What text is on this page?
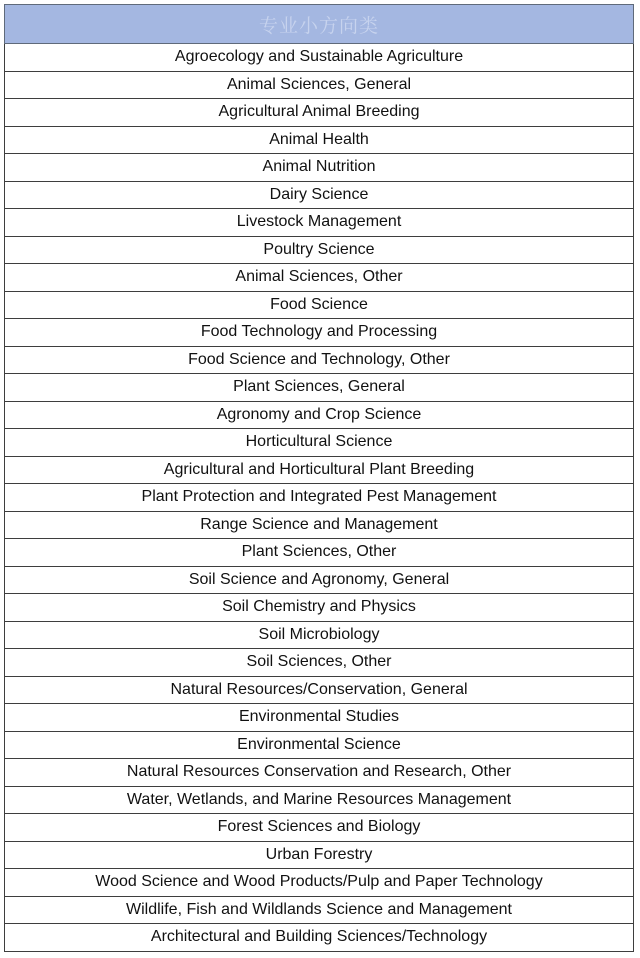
专业小方向类
Agroecology and Sustainable Agriculture
Animal Sciences, General
Agricultural Animal Breeding
Animal Health
Animal Nutrition
Dairy Science
Livestock Management
Poultry Science
Animal Sciences, Other
Food Science
Food Technology and Processing
Food Science and Technology, Other
Plant Sciences, General
Agronomy and Crop Science
Horticultural Science
Agricultural and Horticultural Plant Breeding
Plant Protection and Integrated Pest Management
Range Science and Management
Plant Sciences, Other
Soil Science and Agronomy, General
Soil Chemistry and Physics
Soil Microbiology
Soil Sciences, Other
Natural Resources/Conservation, General
Environmental Studies
Environmental Science
Natural Resources Conservation and Research, Other
Water, Wetlands, and Marine Resources Management
Forest Sciences and Biology
Urban Forestry
Wood Science and Wood Products/Pulp and Paper Technology
Wildlife, Fish and Wildlands Science and Management
Architectural and Building Sciences/Technology
